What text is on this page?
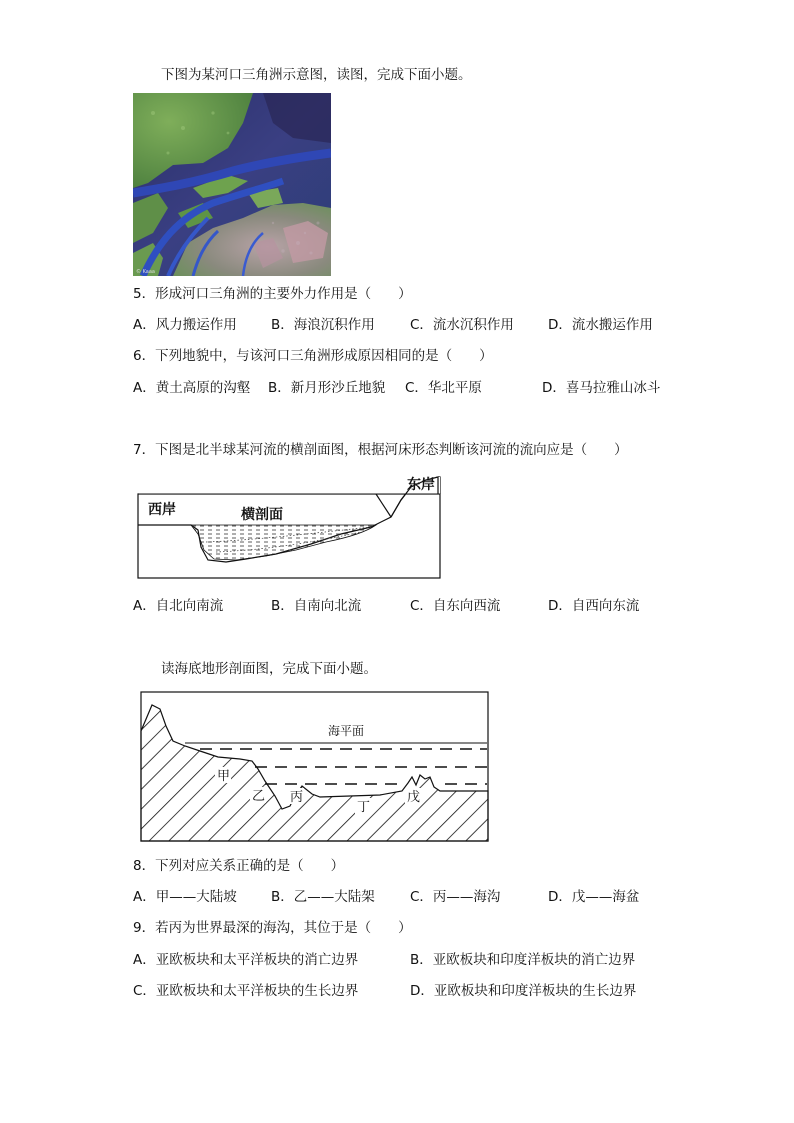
下图为某河口三角洲示意图，读图，完成下面小题。
© Kaaa
5．形成河口三角洲的主要外力作用是（　　）
A．风力搬运作用	B．海浪沉积作用	C．流水沉积作用	D．流水搬运作用
6．下列地貌中，与该河口三角洲形成原因相同的是（　　）
A．黄土高原的沟壑 B．新月形沙丘地貌 C．华北平原	D．喜马拉雅山冰斗
7．下图是北半球某河流的横剖面图，根据河床形态判断该河流的流向应是（　　）
西岸	横剖面
东岸
A．自北向南流	B．自南向北流	C．自东向西流	D．自西向东流
读海底地形剖面图，完成下面小题。
海平面
甲
乙 丙
丁
戊
8．下列对应关系正确的是（　　）
A．甲——大陆坡	B．乙——大陆架	C．丙——海沟	D．戊——海盆
9．若丙为世界最深的海沟，其位于是（　　）
A．亚欧板块和太平洋板块的消亡边界	B．亚欧板块和印度洋板块的消亡边界
C．亚欧板块和太平洋板块的生长边界	D．亚欧板块和印度洋板块的生长边界
